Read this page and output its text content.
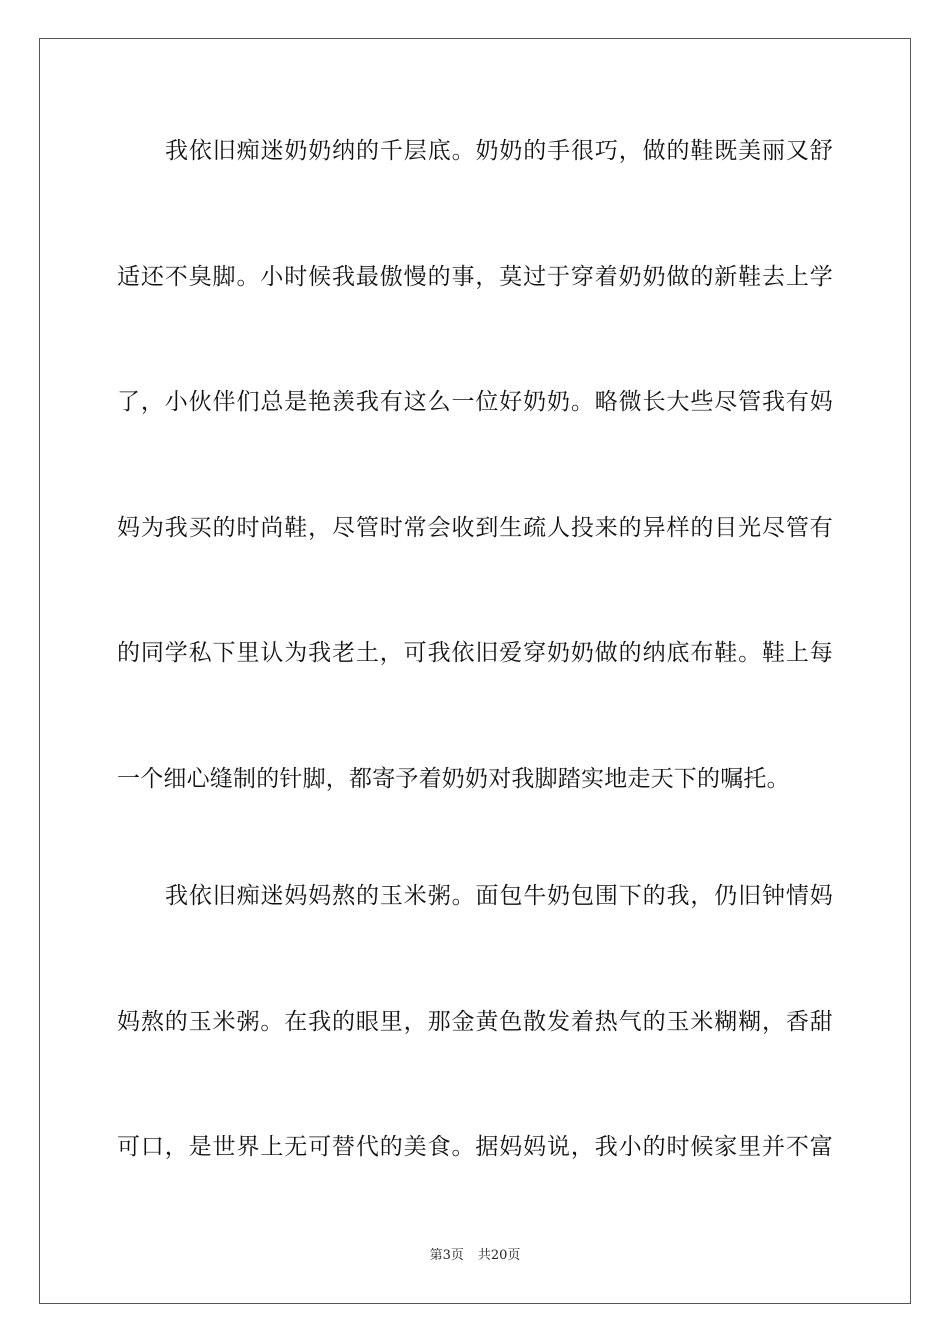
我依旧痴迷奶奶纳的千层底。奶奶的手很巧，做的鞋既美丽又舒
适还不臭脚。小时候我最傲慢的事，莫过于穿着奶奶做的新鞋去上学
了，小伙伴们总是艳羡我有这么一位好奶奶。略微长大些尽管我有妈
妈为我买的时尚鞋，尽管时常会收到生疏人投来的异样的目光尽管有
的同学私下里认为我老土，可我依旧爱穿奶奶做的纳底布鞋。鞋上每
一个细心缝制的针脚，都寄予着奶奶对我脚踏实地走天下的嘱托。
我依旧痴迷妈妈熬的玉米粥。面包牛奶包围下的我，仍旧钟情妈
妈熬的玉米粥。在我的眼里，那金黄色散发着热气的玉米糊糊，香甜
可口，是世界上无可替代的美食。据妈妈说，我小的时候家里并不富
第3页 共20页
